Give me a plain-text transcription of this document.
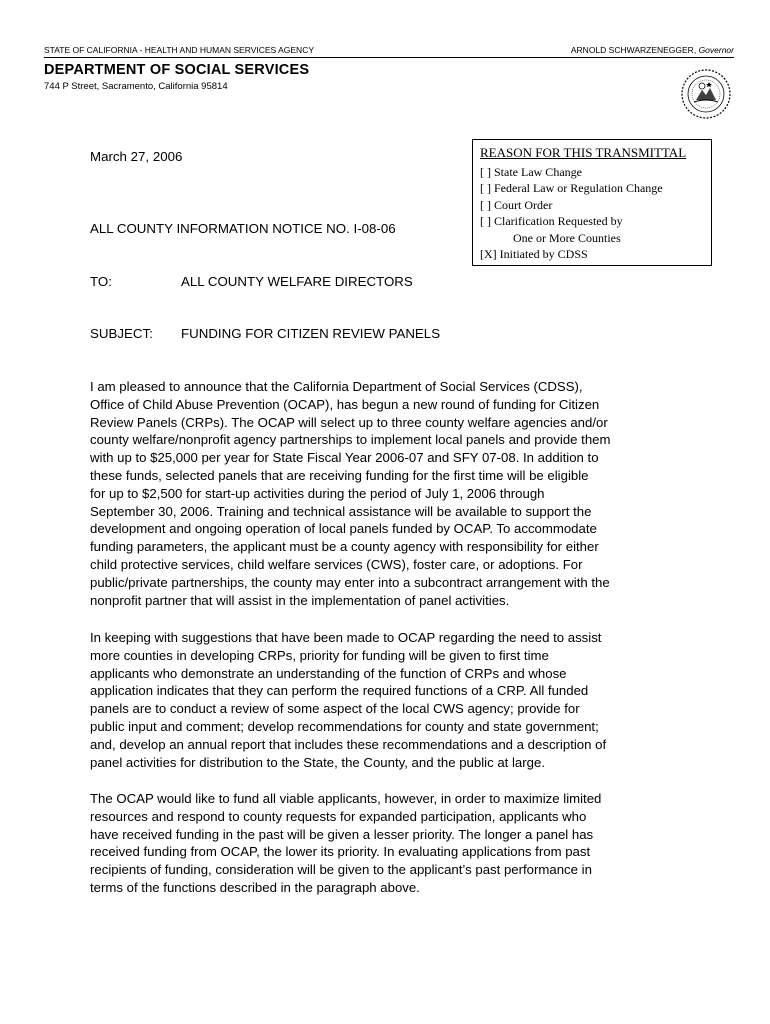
STATE OF CALIFORNIA - HEALTH AND HUMAN SERVICES AGENCY	ARNOLD SCHWARZENEGGER, Governor
DEPARTMENT OF SOCIAL SERVICES
744 P Street, Sacramento, California 95814
March 27, 2006
ALL COUNTY INFORMATION NOTICE NO. I-08-06
REASON FOR THIS TRANSMITTAL
[ ] State Law Change
[ ] Federal Law or Regulation Change
[ ] Court Order
[ ] Clarification Requested by
One or More Counties
[X] Initiated by CDSS
TO:	ALL COUNTY WELFARE DIRECTORS
SUBJECT: FUNDING FOR CITIZEN REVIEW PANELS
I am pleased to announce that the California Department of Social Services (CDSS),
Office of Child Abuse Prevention (OCAP), has begun a new round of funding for Citizen
Review Panels (CRPs). The OCAP will select up to three county welfare agencies and/or
county welfare/nonprofit agency partnerships to implement local panels and provide them
with up to $25,000 per year for State Fiscal Year 2006-07 and SFY 07-08. In addition to
these funds, selected panels that are receiving funding for the first time will be eligible
for up to $2,500 for start-up activities during the period of July 1, 2006 through
September 30, 2006. Training and technical assistance will be available to support the
development and ongoing operation of local panels funded by OCAP. To accommodate
funding parameters, the applicant must be a county agency with responsibility for either
child protective services, child welfare services (CWS), foster care, or adoptions. For
public/private partnerships, the county may enter into a subcontract arrangement with the
nonprofit partner that will assist in the implementation of panel activities.
In keeping with suggestions that have been made to OCAP regarding the need to assist
more counties in developing CRPs, priority for funding will be given to first time
applicants who demonstrate an understanding of the function of CRPs and whose
application indicates that they can perform the required functions of a CRP. All funded
panels are to conduct a review of some aspect of the local CWS agency; provide for
public input and comment; develop recommendations for county and state government;
and, develop an annual report that includes these recommendations and a description of
panel activities for distribution to the State, the County, and the public at large.
The OCAP would like to fund all viable applicants, however, in order to maximize limited
resources and respond to county requests for expanded participation, applicants who
have received funding in the past will be given a lesser priority. The longer a panel has
received funding from OCAP, the lower its priority. In evaluating applications from past
recipients of funding, consideration will be given to the applicant’s past performance in
terms of the functions described in the paragraph above.
